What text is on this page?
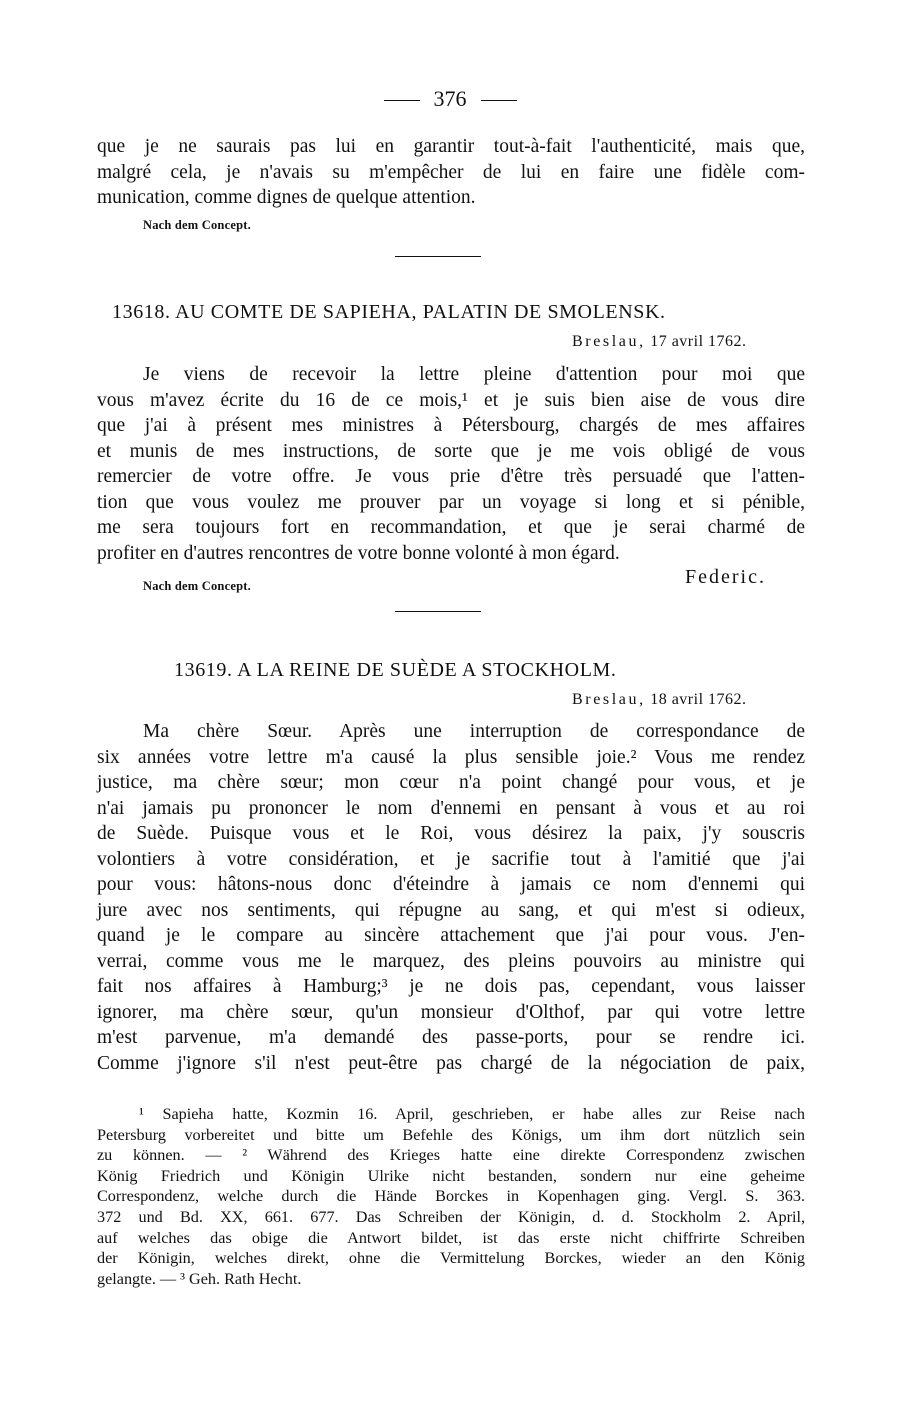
376
que je ne saurais pas lui en garantir tout-à-fait l'authenticité, mais que,
malgré cela, je n'avais su m'empêcher de lui en faire une fidèle com-
munication, comme dignes de quelque attention.
Nach dem Concept.
13618. AU COMTE DE SAPIEHA, PALATIN DE SMOLENSK.
Breslau, 17 avril 1762.
Je viens de recevoir la lettre pleine d'attention pour moi que
vous m'avez écrite du 16 de ce mois,¹ et je suis bien aise de vous dire
que j'ai à présent mes ministres à Pétersbourg, chargés de mes affaires
et munis de mes instructions, de sorte que je me vois obligé de vous
remercier de votre offre. Je vous prie d'être très persuadé que l'atten-
tion que vous voulez me prouver par un voyage si long et si pénible,
me sera toujours fort en recommandation, et que je serai charmé de
profiter en d'autres rencontres de votre bonne volonté à mon égard.
Nach dem Concept.	Federic.
13619. A LA REINE DE SUÈDE A STOCKHOLM.
Breslau, 18 avril 1762.
Ma chère Sœur. Après une interruption de correspondance de
six années votre lettre m'a causé la plus sensible joie.² Vous me rendez
justice, ma chère sœur; mon cœur n'a point changé pour vous, et je
n'ai jamais pu prononcer le nom d'ennemi en pensant à vous et au roi
de Suède. Puisque vous et le Roi, vous désirez la paix, j'y souscris
volontiers à votre considération, et je sacrifie tout à l'amitié que j'ai
pour vous: hâtons-nous donc d'éteindre à jamais ce nom d'ennemi qui
jure avec nos sentiments, qui répugne au sang, et qui m'est si odieux,
quand je le compare au sincère attachement que j'ai pour vous. J'en-
verrai, comme vous me le marquez, des pleins pouvoirs au ministre qui
fait nos affaires à Hamburg;³ je ne dois pas, cependant, vous laisser
ignorer, ma chère sœur, qu'un monsieur d'Olthof, par qui votre lettre
m'est parvenue, m'a demandé des passe-ports, pour se rendre ici.
Comme j'ignore s'il n'est peut-être pas chargé de la négociation de paix,
¹ Sapieha hatte, Kozmin 16. April, geschrieben, er habe alles zur Reise nach
Petersburg vorbereitet und bitte um Befehle des Königs, um ihm dort nützlich sein
zu können. — ² Während des Krieges hatte eine direkte Correspondenz zwischen
König Friedrich und Königin Ulrike nicht bestanden, sondern nur eine geheime
Correspondenz, welche durch die Hände Borckes in Kopenhagen ging. Vergl. S. 363.
372 und Bd. XX, 661. 677. Das Schreiben der Königin, d. d. Stockholm 2. April,
auf welches das obige die Antwort bildet, ist das erste nicht chiffrirte Schreiben
der Königin, welches direkt, ohne die Vermittelung Borckes, wieder an den König
gelangte. — ³ Geh. Rath Hecht.
